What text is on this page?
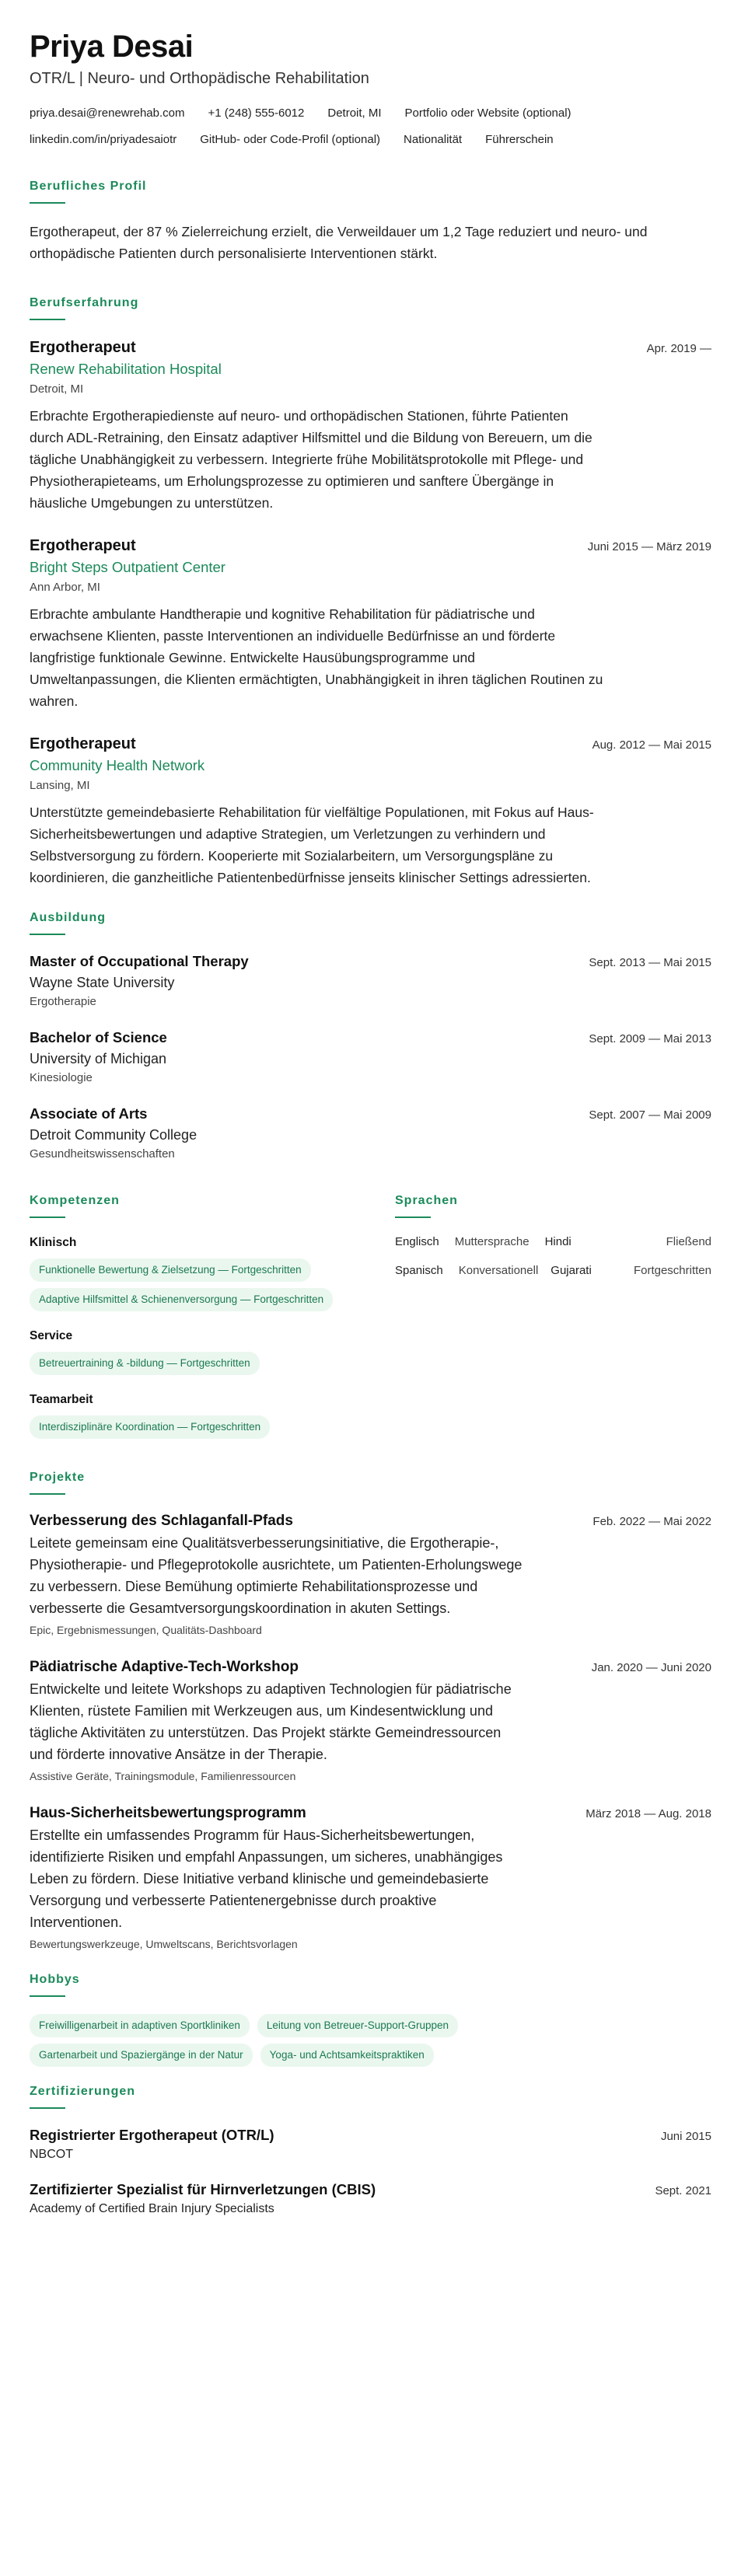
Priya Desai
OTR/L | Neuro- und Orthopädische Rehabilitation
priya.desai@renewrehab.com +1 (248) 555-6012 Detroit, MI Portfolio oder Website (optional)
linkedin.com/in/priyadesaiotr GitHub- oder Code-Profil (optional) Nationalität Führerschein
Berufliches Profil

Ergotherapeut, der 87 % Zielerreichung erzielt, die Verweildauer um 1,2 Tage reduziert und neuro- und orthopädische Patienten durch personalisierte Interventionen stärkt.

Berufserfahrung
Ergotherapeut	Apr. 2019 —
Renew Rehabilitation Hospital
Detroit, MI

Erbrachte Ergotherapiedienste auf neuro- und orthopädischen Stationen, führte Patienten durch ADL-Retraining, den Einsatz adaptiver Hilfsmittel und die Bildung von Bereuern, um die tägliche Unabhängigkeit zu verbessern. Integrierte frühe Mobilitätsprotokolle mit Pflege- und Physiotherapieteams, um Erholungsprozesse zu optimieren und sanftere Übergänge in häusliche Umgebungen zu unterstützen.

Ergotherapeut	Juni 2015 — März 2019
Bright Steps Outpatient Center
Ann Arbor, MI

Erbrachte ambulante Handtherapie und kognitive Rehabilitation für pädiatrische und erwachsene Klienten, passte Interventionen an individuelle Bedürfnisse an und förderte langfristige funktionale Gewinne. Entwickelte Hausübungsprogramme und Umweltanpassungen, die Klienten ermächtigten, Unabhängigkeit in ihren täglichen Routinen zu wahren.

Ergotherapeut	Aug. 2012 — Mai 2015
Community Health Network
Lansing, MI

Unterstützte gemeindebasierte Rehabilitation für vielfältige Populationen, mit Fokus auf Haus-Sicherheitsbewertungen und adaptive Strategien, um Verletzungen zu verhindern und Selbstversorgung zu fördern. Kooperierte mit Sozialarbeitern, um Versorgungspläne zu koordinieren, die ganzheitliche Patientenbedürfnisse jenseits klinischer Settings adressierten.

Ausbildung
Master of Occupational Therapy	Sept. 2013 — Mai 2015
Wayne State University
Ergotherapie
Bachelor of Science	Sept. 2009 — Mai 2013
University of Michigan
Kinesiologie
Associate of Arts	Sept. 2007 — Mai 2009
Detroit Community College
Gesundheitswissenschaften
Kompetenzen
Klinisch
Funktionelle Bewertung & Zielsetzung — Fortgeschritten
Adaptive Hilfsmittel & Schienenversorgung — Fortgeschritten
Service
Betreuertraining & -bildung — Fortgeschritten
Teamarbeit
Interdisziplinäre Koordination — Fortgeschritten
Sprachen
Englisch Muttersprache Hindi	Fließend
Spanisch Konversationell Gujarati	Fortgeschritten
Projekte
Verbesserung des Schlaganfall-Pfads	Feb. 2022 — Mai 2022

Leitete gemeinsam eine Qualitätsverbesserungsinitiative, die Ergotherapie-, Physiotherapie- und Pflegeprotokolle ausrichtete, um Patienten-Erholungswege zu verbessern. Diese Bemühung optimierte Rehabilitationsprozesse und verbesserte die Gesamtversorgungskoordination in akuten Settings.

Epic, Ergebnismessungen, Qualitäts-Dashboard
Pädiatrische Adaptive-Tech-Workshop	Jan. 2020 — Juni 2020

Entwickelte und leitete Workshops zu adaptiven Technologien für pädiatrische Klienten, rüstete Familien mit Werkzeugen aus, um Kindesentwicklung und tägliche Aktivitäten zu unterstützen. Das Projekt stärkte Gemeindressourcen und förderte innovative Ansätze in der Therapie.

Assistive Geräte, Trainingsmodule, Familienressourcen
Haus-Sicherheitsbewertungsprogramm	März 2018 — Aug. 2018

Erstellte ein umfassendes Programm für Haus-Sicherheitsbewertungen, identifizierte Risiken und empfahl Anpassungen, um sicheres, unabhängiges Leben zu fördern. Diese Initiative verband klinische und gemeindebasierte Versorgung und verbesserte Patientenergebnisse durch proaktive Interventionen.

Bewertungswerkzeuge, Umweltscans, Berichtsvorlagen
Hobbys
Freiwilligenarbeit in adaptiven Sportkliniken	Leitung von Betreuer-Support-Gruppen
Gartenarbeit und Spaziergänge in der Natur	Yoga- und Achtsamkeitspraktiken
Zertifizierungen
Registrierter Ergotherapeut (OTR/L)	Juni 2015
NBCOT
Zertifizierter Spezialist für Hirnverletzungen (CBIS)	Sept. 2021
Academy of Certified Brain Injury Specialists
